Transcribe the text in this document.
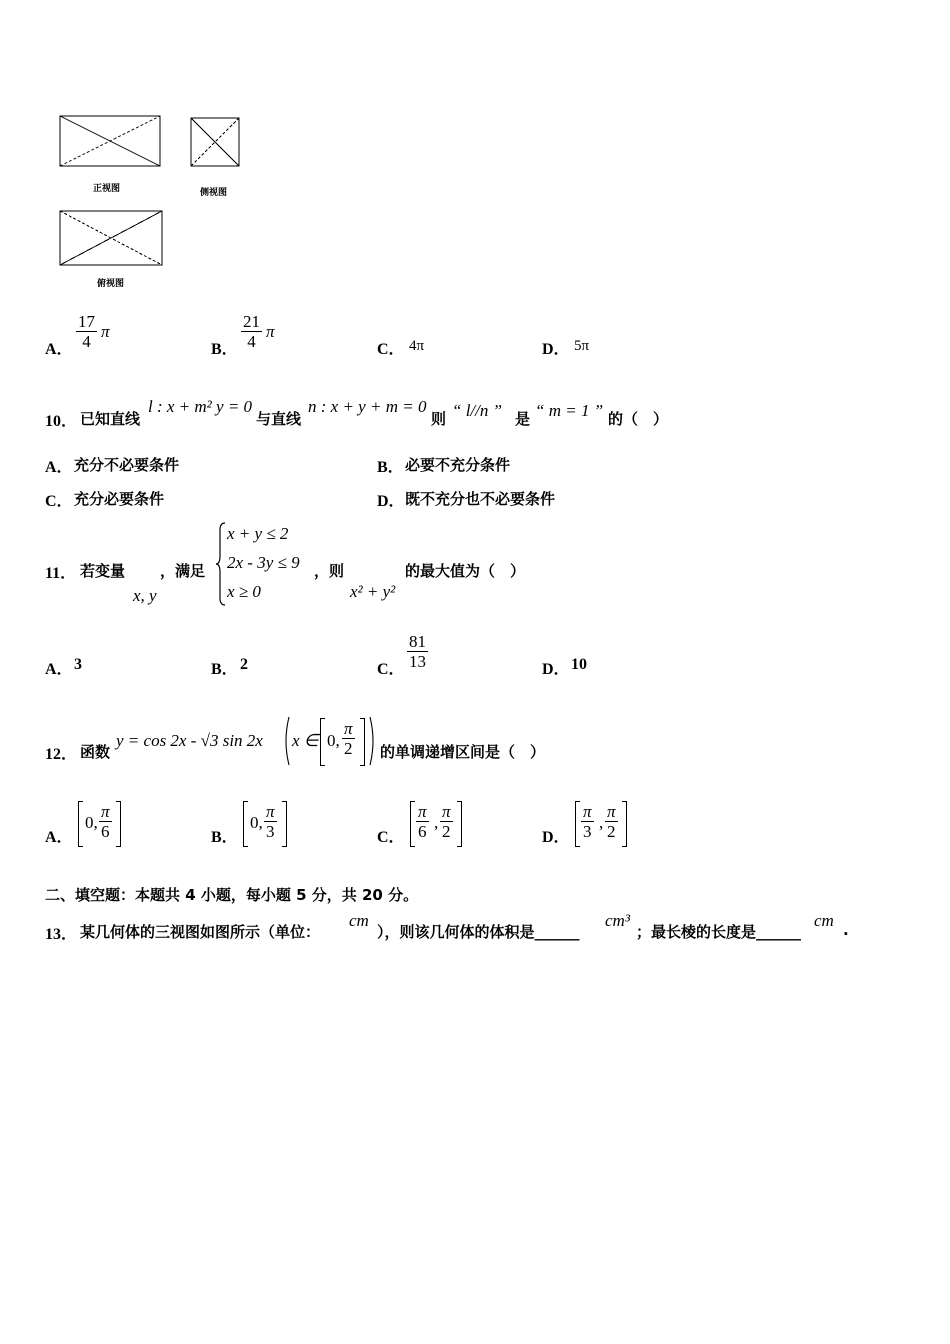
正视图	侧视图
俯视图
A．
17
4
π
B．
21
4
π
C． 4π	D． 5π
10． 已知直线
l : x + m² y = 0
与直线
n : x + y + m = 0
则 “ l//n ” 是 “ m = 1 ” 的（　）
A． 充分不必要条件	B． 必要不充分条件
C． 充分必要条件	D． 既不充分也不必要条件
11． 若变量
x, y
，满足
x + y ≤ 2
2x - 3y ≤ 9
x ≥ 0
，则
x² + y²
的最大值为（　）
A． 3	B． 2	C．
81
13	D． 10
12． 函数
y = cos 2x - √3 sin 2x x ∈ 0,
π
2 的单调递增区间是（　）
A．
0,
π
6	B．
0,
π
3	C．
π
6 ,
π
2	D．
π
3 ,
π
2
二、填空题：本题共 4 小题，每小题 5 分，共 20 分。
13． 某几何体的三视图如图所示（单位：
cm
），则该几何体的体积是______
cm³
；最长棱的长度是______
cm .
